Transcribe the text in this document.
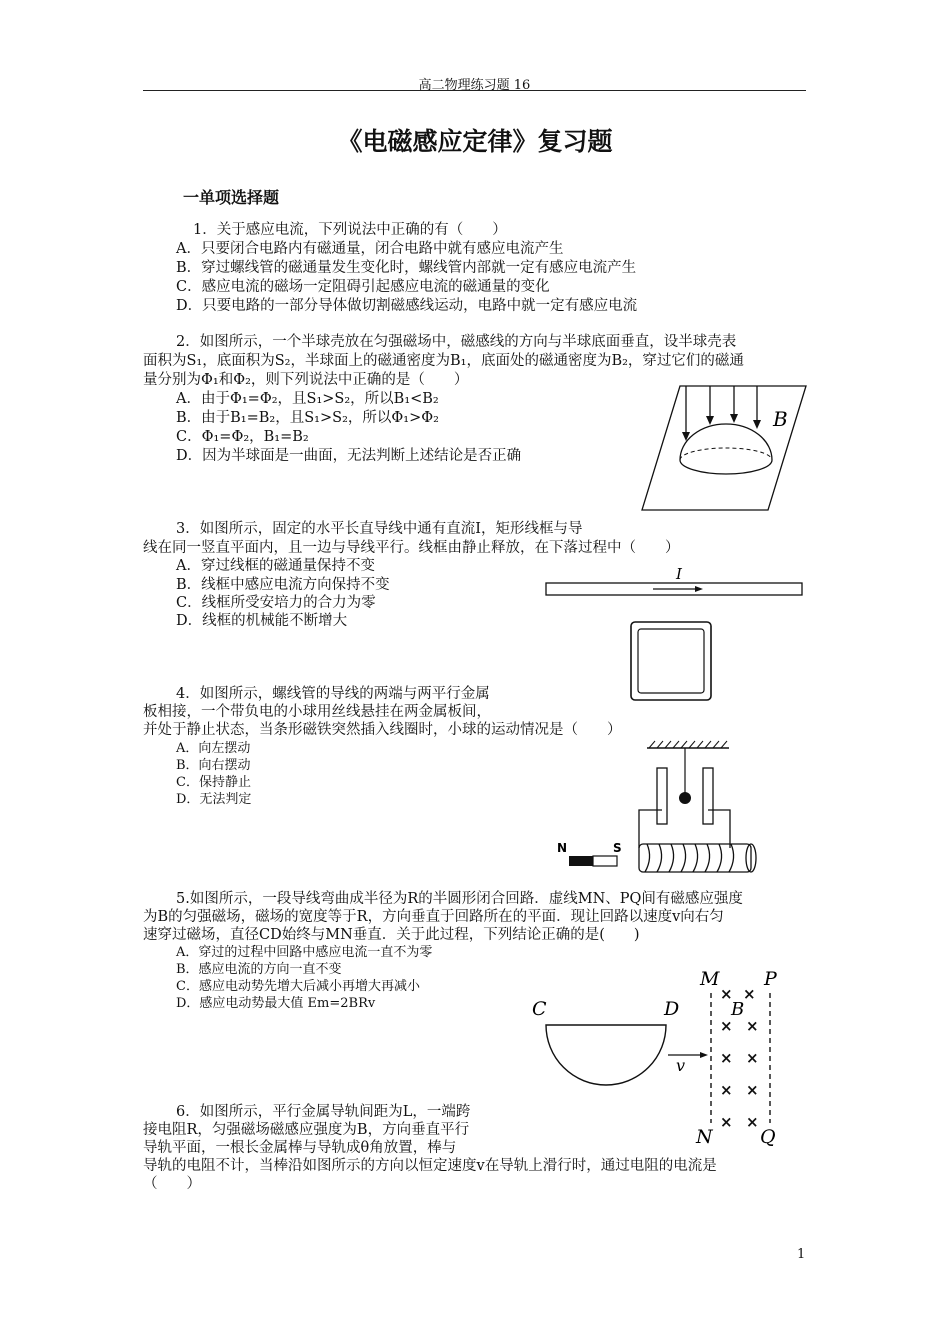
高二物理练习题 16
《电磁感应定律》复习题
一单项选择题
1．关于感应电流，下列说法中正确的有（　　）
A．只要闭合电路内有磁通量，闭合电路中就有感应电流产生
B．穿过螺线管的磁通量发生变化时，螺线管内部就一定有感应电流产生
C．感应电流的磁场一定阻碍引起感应电流的磁通量的变化
D．只要电路的一部分导体做切割磁感线运动，电路中就一定有感应电流
2．如图所示，一个半球壳放在匀强磁场中，磁感线的方向与半球底面垂直，设半球壳表
面积为S₁，底面积为S₂，半球面上的磁通密度为B₁，底面处的磁通密度为B₂，穿过它们的磁通
量分别为Φ₁和Φ₂，则下列说法中正确的是（　　）
A．由于Φ₁=Φ₂，且S₁>S₂，所以B₁<B₂
B．由于B₁=B₂，且S₁>S₂，所以Φ₁>Φ₂
C．Φ₁=Φ₂，B₁=B₂
D．因为半球面是一曲面，无法判断上述结论是否正确
B
3．如图所示，固定的水平长直导线中通有直流I，矩形线框与导
线在同一竖直平面内，且一边与导线平行。线框由静止释放，在下落过程中（　　）
A．穿过线框的磁通量保持不变
B．线框中感应电流方向保持不变
C．线框所受安培力的合力为零
D．线框的机械能不断增大
I
4．如图所示，螺线管的导线的两端与两平行金属
板相接，一个带负电的小球用丝线悬挂在两金属板间，
并处于静止状态，当条形磁铁突然插入线圈时，小球的运动情况是（　　）
A．向左摆动
B．向右摆动
C．保持静止
D．无法判定
N	S
5.如图所示，一段导线弯曲成半径为R的半圆形闭合回路．虚线MN、PQ间有磁感应强度
为B的匀强磁场，磁场的宽度等于R，方向垂直于回路所在的平面．现让回路以速度v向右匀
速穿过磁场，直径CD始终与MN垂直．关于此过程，下列结论正确的是(　　)
A．穿过的过程中回路中感应电流一直不为零
B．感应电流的方向一直不变
C．感应电动势先增大后减小再增大再减小
D．感应电动势最大值 Em=2BRv	C	D
v
M P
B
N Q
× ×
× ×
× ×
× ×
× ×
6．如图所示，平行金属导轨间距为L，一端跨
接电阻R，匀强磁场磁感应强度为B，方向垂直平行
导轨平面，一根长金属棒与导轨成θ角放置，棒与
导轨的电阻不计，当棒沿如图所示的方向以恒定速度v在导轨上滑行时，通过电阻的电流是
（　　）
1
